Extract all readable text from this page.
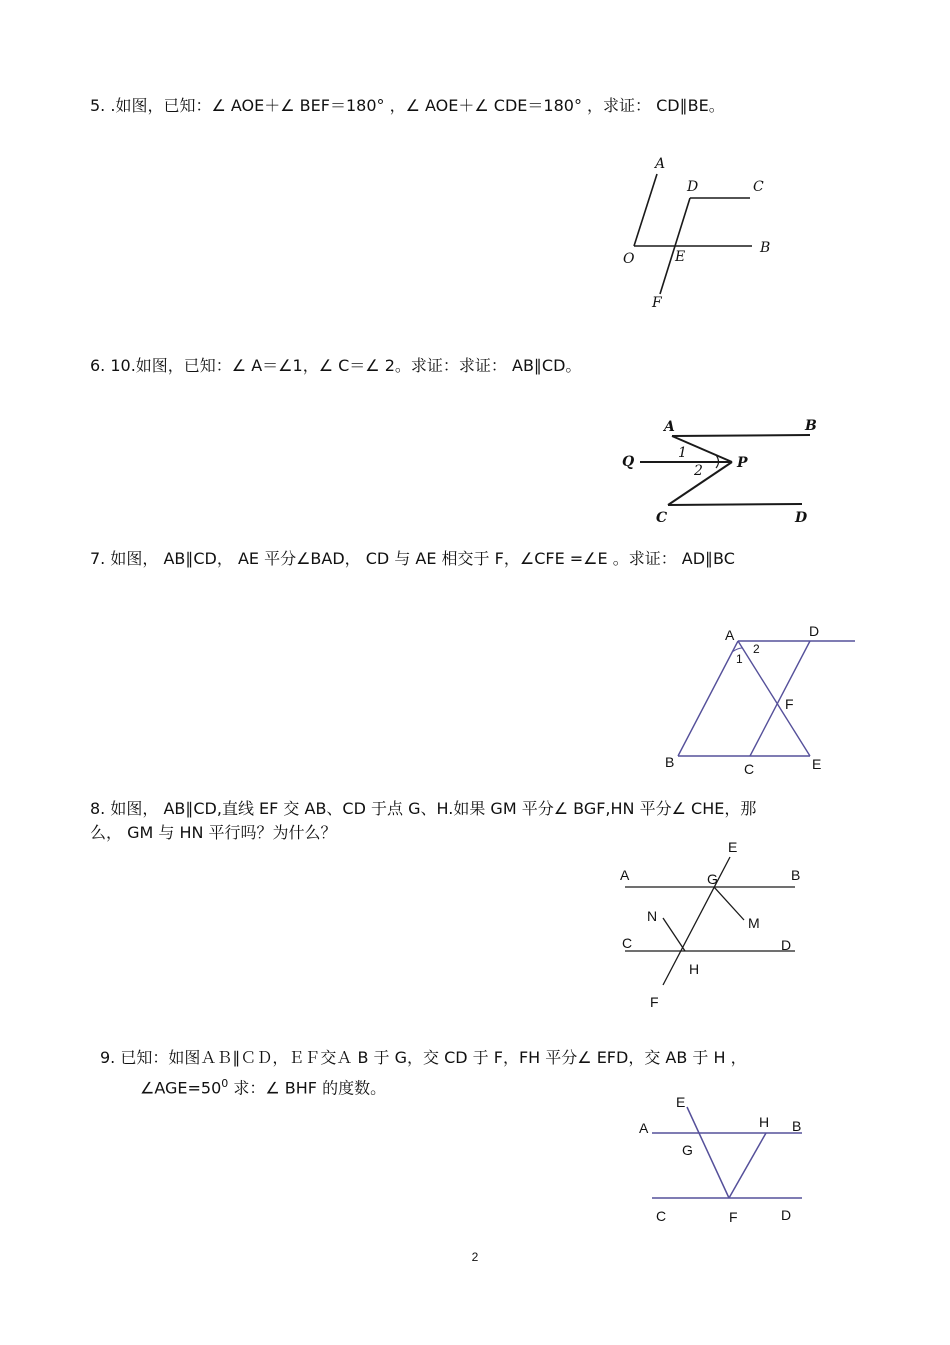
5. .如图，已知：∠ AOE＋∠ BEF＝180° ，∠ AOE＋∠ CDE＝180° ，求证： CD∥BE。
A
D	C
O	E
B
F
6. 10.如图，已知：∠ A＝∠1，∠ C＝∠ 2。求证：求证： AB∥CD。
A	B
Q	P
C	D
1
2
7. 如图， AB∥CD， AE 平分∠BAD， CD 与 AE 相交于 F，∠CFE =∠E 。求证： AD∥BC
A	D
1
2
F
B	C	E
8. 如图， AB∥CD,直线 EF 交 AB、CD 于点 G、H.如果 GM 平分∠ BGF,HN 平分∠ CHE，那
么， GM 与 HN 平行吗？为什么？
E
A	G	B
N	M
C	D
H
F
9. 已知：如图ＡＢ∥ＣＤ，ＥＦ交Ａ B 于 G，交 CD 于 F，FH 平分∠ EFD，交 AB 于 H ，
$\angle AGE=50^0$ 求：∠ BHF 的度数。
E
A	H B
G
C	F	D
2
